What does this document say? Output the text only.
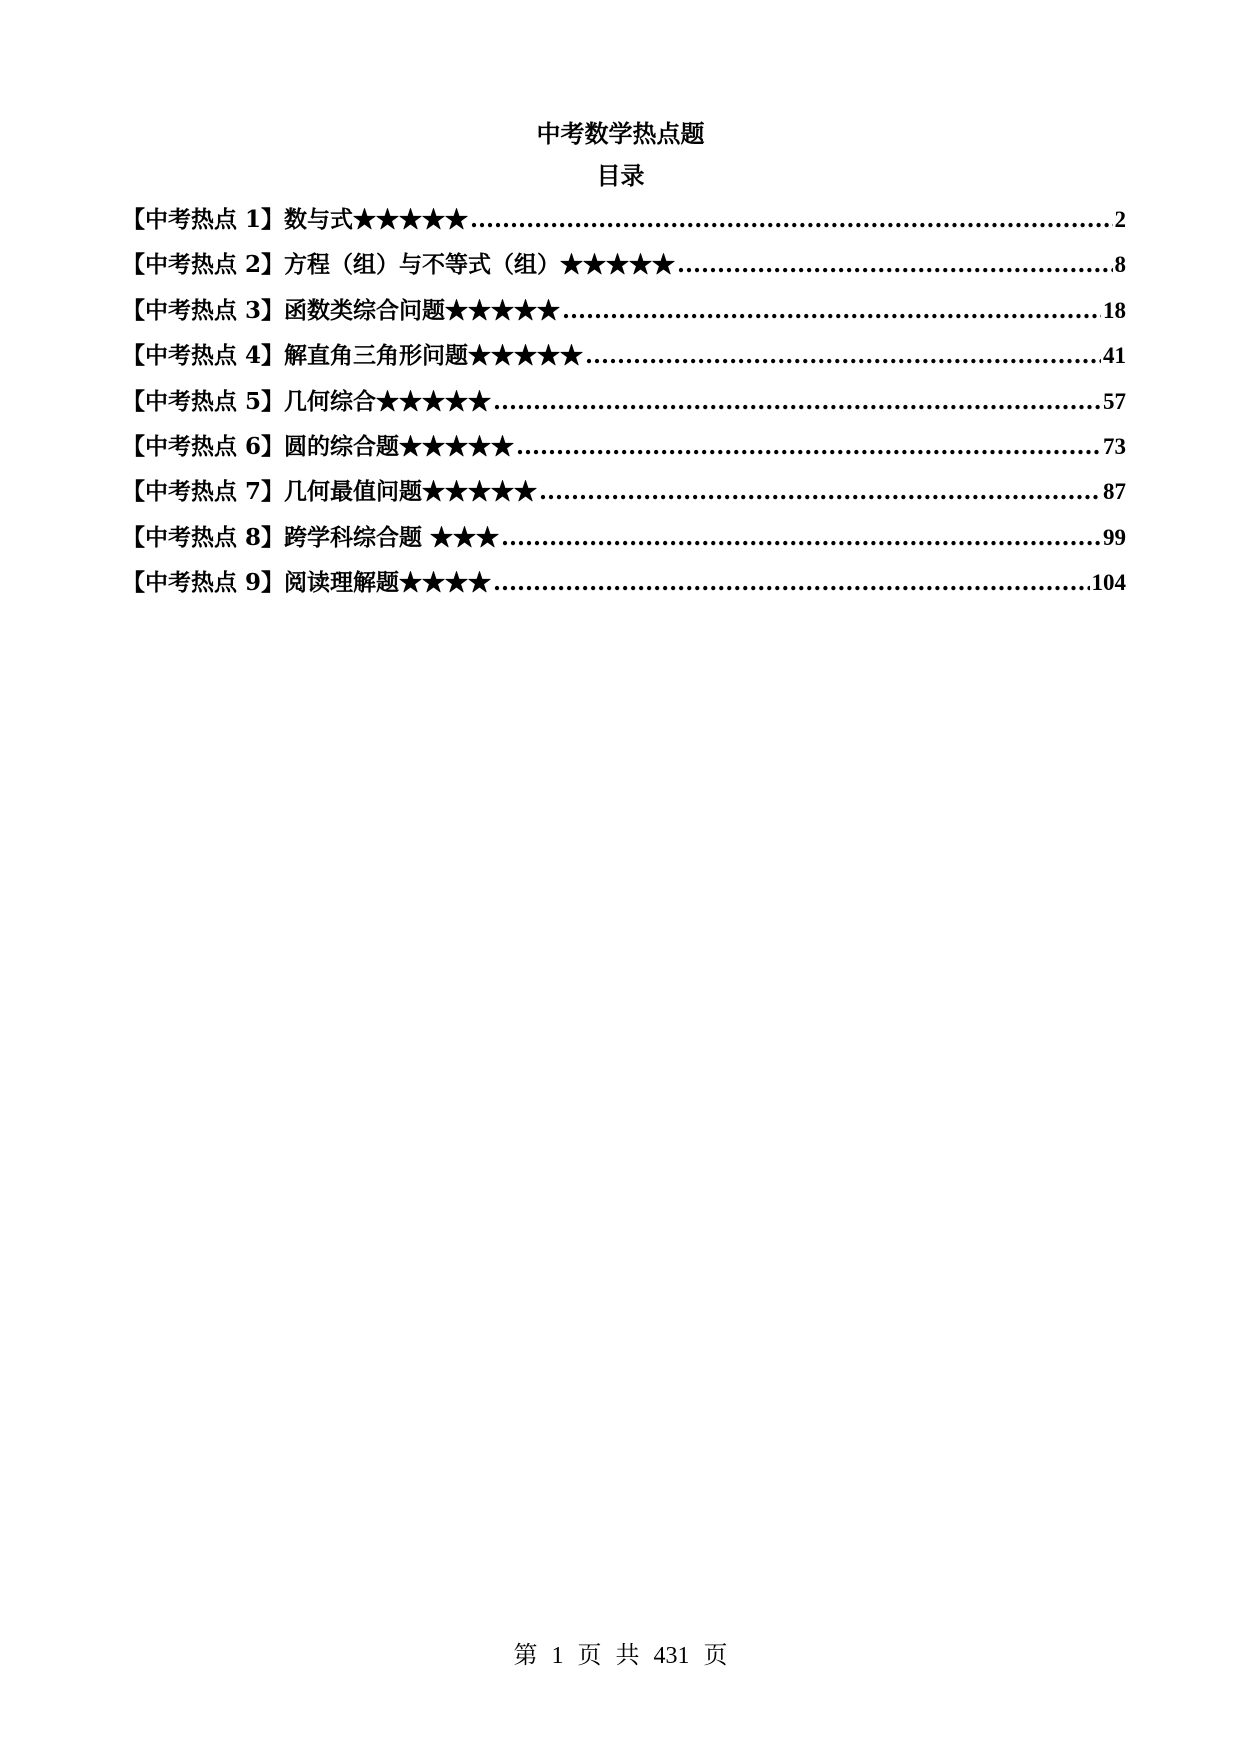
中考数学热点题
目录
【中考热点 1】数与式★★★★★ .....	2
【中考热点 2】方程（组）与不等式（组）★★★★★ .....	8
【中考热点 3】函数类综合问题★★★★★ .....	18
【中考热点 4】解直角三角形问题★★★★★ .....	41
【中考热点 5】几何综合★★★★★ .....	57
【中考热点 6】圆的综合题★★★★★ .....	73
【中考热点 7】几何最值问题★★★★★ .....	87
【中考热点 8】跨学科综合题 ★★★ .....	99
【中考热点 9】阅读理解题★★★★ .....	104
第 1 页 共 431 页
